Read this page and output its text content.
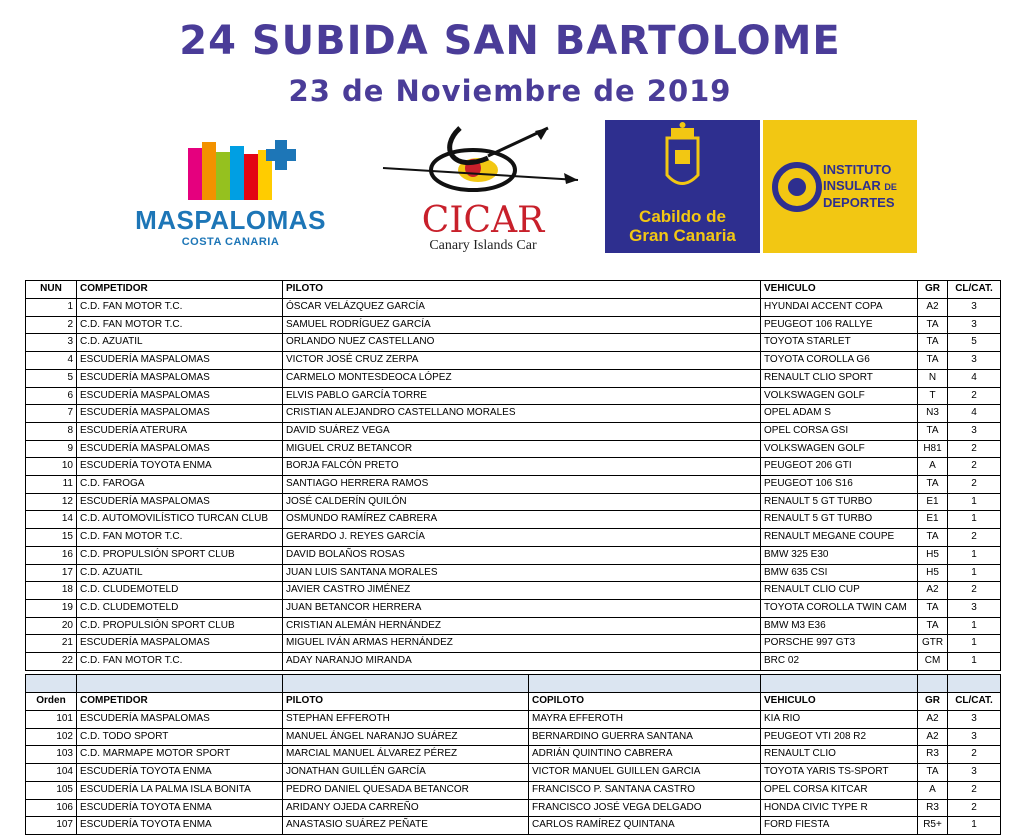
24 SUBIDA SAN BARTOLOME
23 de Noviembre de 2019
MASPALOMAS
COSTA CANARIA
CICAR
Canary Islands Car
Cabildo de
Gran Canaria
INSTITUTO
INSULAR DE
DEPORTES
NUN	COMPETIDOR	PILOTO	VEHICULO	GR	CL/CAT.
1	C.D. FAN MOTOR T.C.	ÓSCAR VELÁZQUEZ GARCÍA	HYUNDAI ACCENT COPA	A2	3
2	C.D. FAN MOTOR T.C.	SAMUEL RODRÍGUEZ GARCÍA	PEUGEOT 106 RALLYE	TA	3
3	C.D. AZUATIL	ORLANDO NUEZ CASTELLANO	TOYOTA STARLET	TA	5
4	ESCUDERÍA MASPALOMAS	VICTOR JOSÉ CRUZ ZERPA	TOYOTA COROLLA G6	TA	3
5	ESCUDERÍA MASPALOMAS	CARMELO MONTESDEOCA LÓPEZ	RENAULT CLIO SPORT	N	4
6	ESCUDERÍA MASPALOMAS	ELVIS PABLO GARCÍA TORRE	VOLKSWAGEN GOLF	T	2
7	ESCUDERÍA MASPALOMAS	CRISTIAN ALEJANDRO CASTELLANO MORALES	OPEL ADAM S	N3	4
8	ESCUDERÍA ATERURA	DAVID SUÁREZ VEGA	OPEL CORSA GSI	TA	3
9	ESCUDERÍA MASPALOMAS	MIGUEL CRUZ BETANCOR	VOLKSWAGEN GOLF	H81	2
10	ESCUDERÍA TOYOTA ENMA	BORJA FALCÓN PRETO	PEUGEOT 206 GTI	A	2
11	C.D. FAROGA	SANTIAGO HERRERA RAMOS	PEUGEOT 106 S16	TA	2
12	ESCUDERÍA MASPALOMAS	JOSÉ CALDERÍN QUILÓN	RENAULT 5 GT TURBO	E1	1
14	C.D. AUTOMOVILÍSTICO TURCAN CLUB	OSMUNDO RAMÍREZ CABRERA	RENAULT 5 GT TURBO	E1	1
15	C.D. FAN MOTOR T.C.	GERARDO J. REYES GARCÍA	RENAULT MEGANE COUPE	TA	2
16	C.D. PROPULSIÓN SPORT CLUB	DAVID BOLAÑOS ROSAS	BMW 325 E30	H5	1
17	C.D. AZUATIL	JUAN LUIS SANTANA MORALES	BMW 635 CSI	H5	1
18	C.D. CLUDEMOTELD	JAVIER CASTRO JIMÉNEZ	RENAULT CLIO CUP	A2	2
19	C.D. CLUDEMOTELD	JUAN BETANCOR HERRERA	TOYOTA COROLLA TWIN CAM	TA	3
20	C.D. PROPULSIÓN SPORT CLUB	CRISTIAN ALEMÁN HERNÁNDEZ	BMW M3 E36	TA	1
21	ESCUDERÍA MASPALOMAS	MIGUEL IVÁN ARMAS HERNÁNDEZ	PORSCHE 997 GT3	GTR	1
22	C.D. FAN MOTOR T.C.	ADAY NARANJO MIRANDA	BRC 02	CM	1

Orden	COMPETIDOR	PILOTO	COPILOTO	VEHICULO	GR	CL/CAT.
101	ESCUDERÍA MASPALOMAS	STEPHAN EFFEROTH	MAYRA EFFEROTH	KIA RIO	A2	3
102	C.D. TODO SPORT	MANUEL ÁNGEL NARANJO SUÁREZ	BERNARDINO GUERRA SANTANA	PEUGEOT VTI 208 R2	A2	3
103	C.D. MARMAPE MOTOR SPORT	MARCIAL MANUEL ÁLVAREZ PÉREZ	ADRIÁN QUINTINO CABRERA	RENAULT CLIO	R3	2
104	ESCUDERÍA TOYOTA ENMA	JONATHAN GUILLÉN GARCÍA	VICTOR MANUEL GUILLEN GARCIA	TOYOTA YARIS TS-SPORT	TA	3
105	ESCUDERÍA LA PALMA ISLA BONITA	PEDRO DANIEL QUESADA BETANCOR	FRANCISCO P. SANTANA CASTRO	OPEL CORSA KITCAR	A	2
106	ESCUDERÍA TOYOTA ENMA	ARIDANY OJEDA CARREÑO	FRANCISCO JOSÉ VEGA DELGADO	HONDA CIVIC TYPE R	R3	2
107	ESCUDERÍA TOYOTA ENMA	ANASTASIO SUÁREZ PEÑATE	CARLOS RAMÍREZ QUINTANA	FORD FIESTA	R5+	1
